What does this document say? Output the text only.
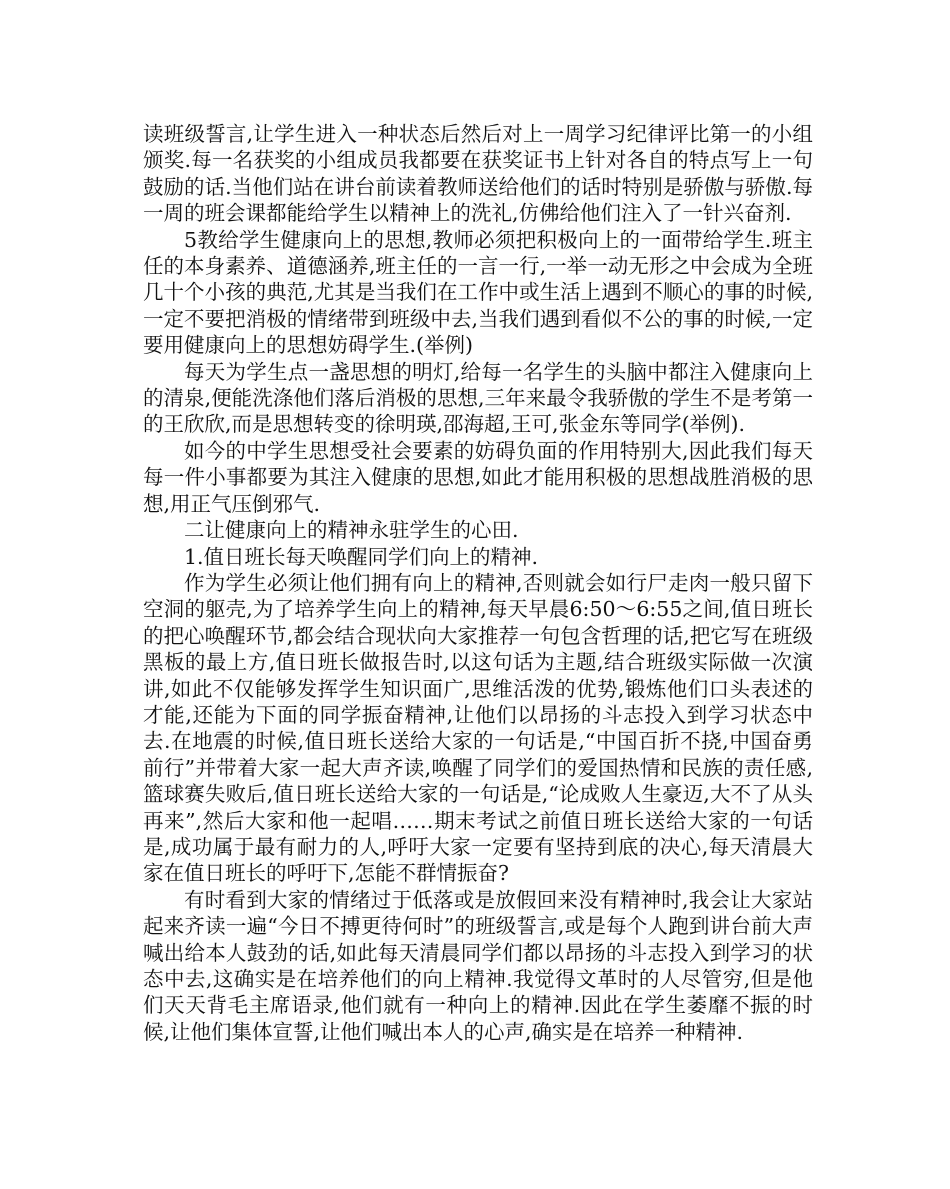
读班级誓言,让学生进入一种状态后然后对上一周学习纪律评比第一的小组颁奖.每一名获奖的小组成员我都要在获奖证书上针对各自的特点写上一句鼓励的话.当他们站在讲台前读着教师送给他们的话时特别是骄傲与骄傲.每一周的班会课都能给学生以精神上的洗礼,仿佛给他们注入了一针兴奋剂.

5教给学生健康向上的思想,教师必须把积极向上的一面带给学生.班主任的本身素养、道德涵养,班主任的一言一行,一举一动无形之中会成为全班几十个小孩的典范,尤其是当我们在工作中或生活上遇到不顺心的事的时候,一定不要把消极的情绪带到班级中去,当我们遇到看似不公的事的时候,一定要用健康向上的思想妨碍学生.(举例)

每天为学生点一盏思想的明灯,给每一名学生的头脑中都注入健康向上的清泉,便能洗涤他们落后消极的思想,三年来最令我骄傲的学生不是考第一的王欣欣,而是思想转变的徐明瑛,邵海超,王可,张金东等同学(举例).

如今的中学生思想受社会要素的妨碍负面的作用特别大,因此我们每天每一件小事都要为其注入健康的思想,如此才能用积极的思想战胜消极的思想,用正气压倒邪气.

二让健康向上的精神永驻学生的心田.

1.值日班长每天唤醒同学们向上的精神.

作为学生必须让他们拥有向上的精神,否则就会如行尸走肉一般只留下空洞的躯壳,为了培养学生向上的精神,每天早晨6:50～6:55之间,值日班长的把心唤醒环节,都会结合现状向大家推荐一句包含哲理的话,把它写在班级黑板的最上方,值日班长做报告时,以这句话为主题,结合班级实际做一次演讲,如此不仅能够发挥学生知识面广,思维活泼的优势,锻炼他们口头表述的才能,还能为下面的同学振奋精神,让他们以昂扬的斗志投入到学习状态中去.在地震的时候,值日班长送给大家的一句话是,“中国百折不挠,中国奋勇前行”并带着大家一起大声齐读,唤醒了同学们的爱国热情和民族的责任感,篮球赛失败后,值日班长送给大家的一句话是,“论成败人生豪迈,大不了从头再来”,然后大家和他一起唱……期末考试之前值日班长送给大家的一句话是,成功属于最有耐力的人,呼吁大家一定要有坚持到底的决心,每天清晨大家在值日班长的呼吁下,怎能不群情振奋?

有时看到大家的情绪过于低落或是放假回来没有精神时,我会让大家站起来齐读一遍“今日不搏更待何时”的班级誓言,或是每个人跑到讲台前大声喊出给本人鼓劲的话,如此每天清晨同学们都以昂扬的斗志投入到学习的状态中去,这确实是在培养他们的向上精神.我觉得文革时的人尽管穷,但是他们天天背毛主席语录,他们就有一种向上的精神.因此在学生萎靡不振的时候,让他们集体宣誓,让他们喊出本人的心声,确实是在培养一种精神.
